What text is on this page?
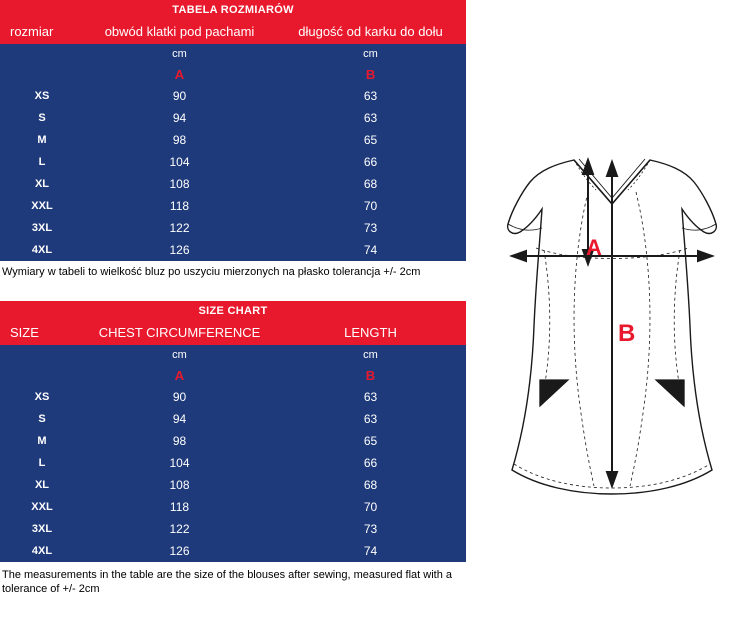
TABELA ROZMIARÓW		
rozmiar	obwód klatki pod pachami	długość od karku do dołu
	cm	cm
	A	B
XS	90	63
S	94	63
M	98	65
L	104	66
XL	108	68
XXL	118	70
3XL	122	73
4XL	126	74
Wymiary w tabeli to wielkość bluz po uszyciu mierzonych na płasko tolerancja +/- 2cm
SIZE CHART		
SIZE	CHEST CIRCUMFERENCE	LENGTH
	cm	cm
	A	B
XS	90	63
S	94	63
M	98	65
L	104	66
XL	108	68
XXL	118	70
3XL	122	73
4XL	126	74
The measurements in the table are the size of the blouses after sewing, measured flat with a tolerance of +/- 2cm
A
B
